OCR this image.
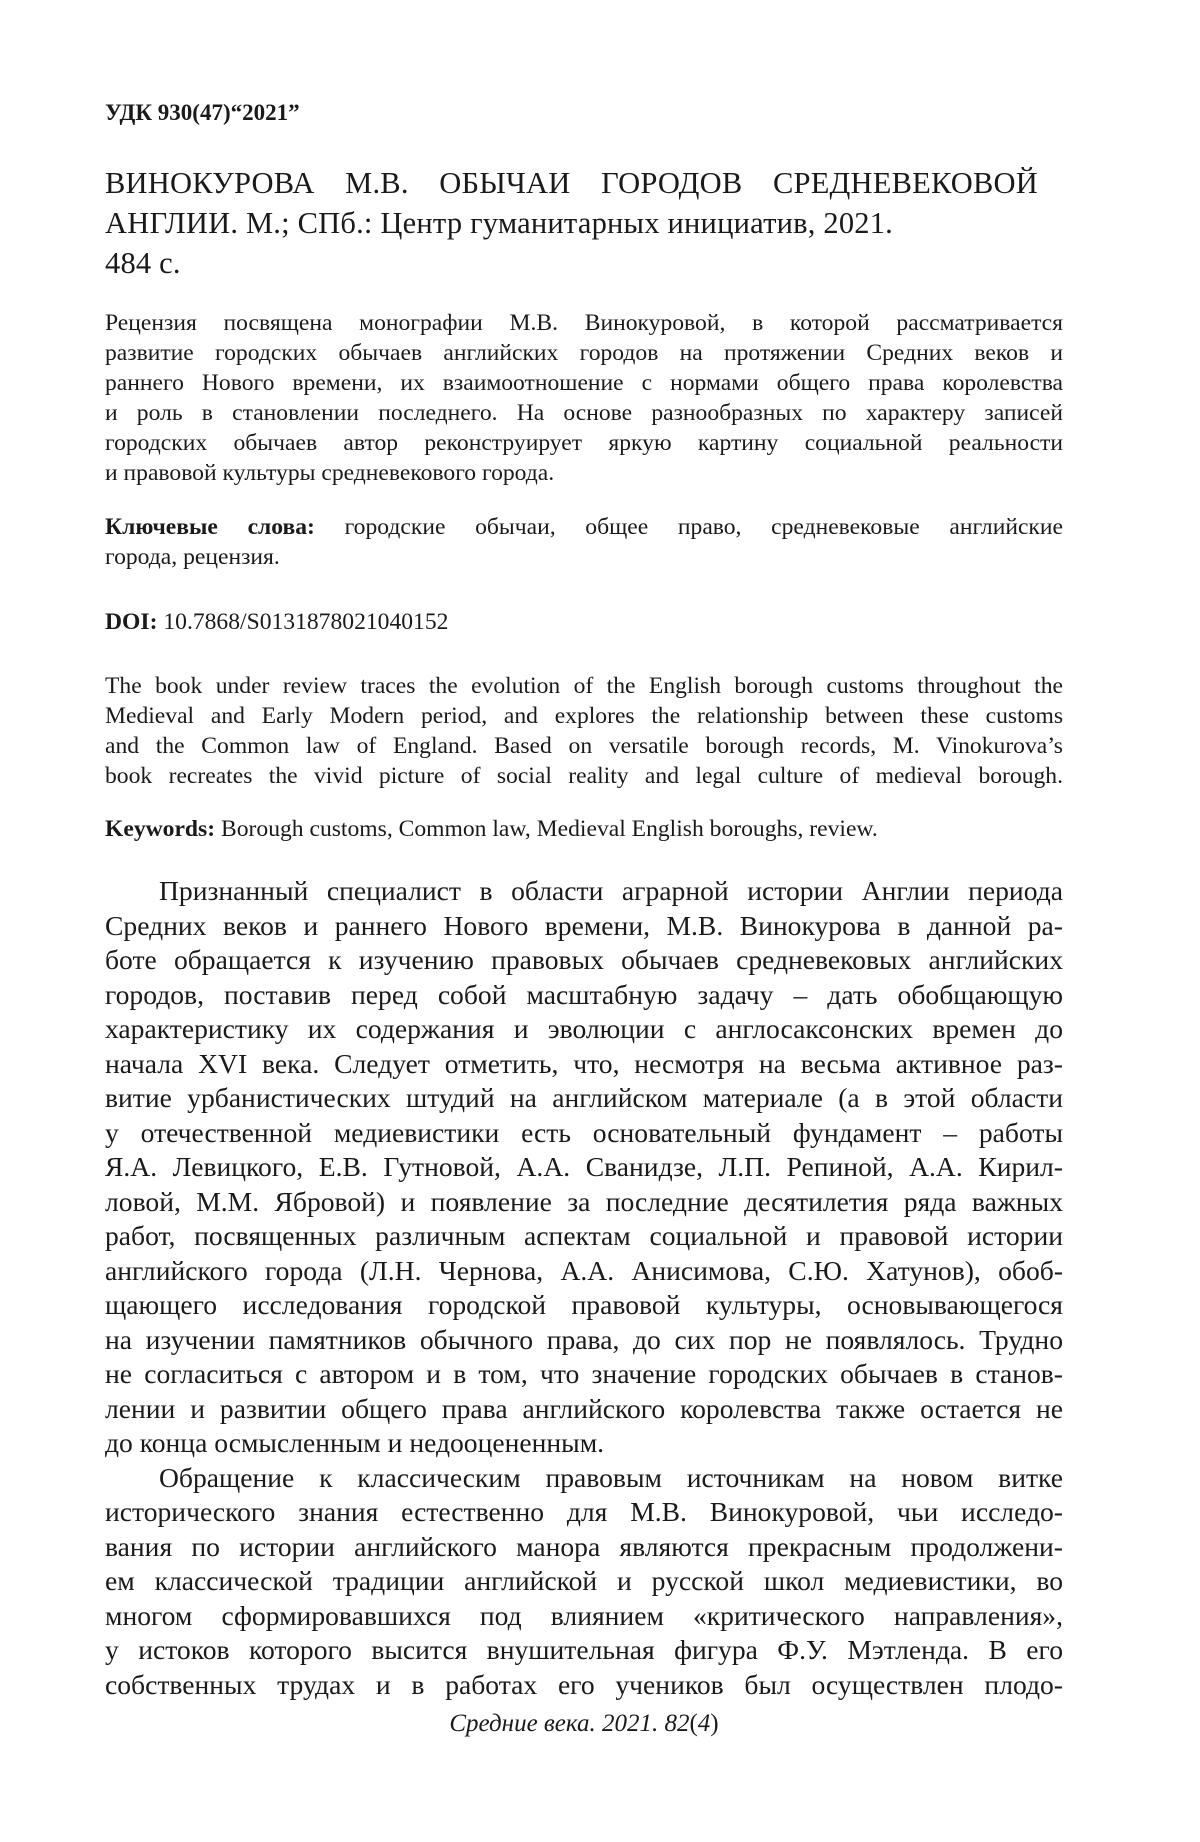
УДК 930(47)“2021”
ВИНОКУРОВА М.В. ОБЫЧАИ ГОРОДОВ СРЕДНЕВЕКОВОЙ
АНГЛИИ. М.; СПб.: Центр гуманитарных инициатив, 2021.
484 с.
Рецензия посвящена монографии М.В. Винокуровой, в которой рассматривается
развитие городских обычаев английских городов на протяжении Средних веков и
раннего Нового времени, их взаимоотношение с нормами общего права королевства
и роль в становлении последнего. На основе разнообразных по характеру записей
городских обычаев автор реконструирует яркую картину социальной реальности
и правовой культуры средневекового города.
Ключевые слова: городские обычаи, общее право, средневековые английские
города, рецензия.
DOI: 10.7868/S0131878021040152
The book under review traces the evolution of the English borough customs throughout the
Medieval and Early Modern period, and explores the relationship between these customs
and the Common law of England. Based on versatile borough records, M. Vinokurova’s
book recreates the vivid picture of social reality and legal culture of medieval borough.
Keywords: Borough customs, Common law, Medieval English boroughs, review.
Признанный специалист в области аграрной истории Англии периода
Средних веков и раннего Нового времени, М.В. Винокурова в данной ра-
боте обращается к изучению правовых обычаев средневековых английских
городов, поставив перед собой масштабную задачу – дать обобщающую
характеристику их содержания и эволюции с англосаксонских времен до
начала XVI века. Следует отметить, что, несмотря на весьма активное раз-
витие урбанистических штудий на английском материале (а в этой области
у отечественной медиевистики есть основательный фундамент – работы
Я.А. Левицкого, Е.В. Гутновой, А.А. Сванидзе, Л.П. Репиной, А.А. Кирил-
ловой, М.М. Ябровой) и появление за последние десятилетия ряда важных
работ, посвященных различным аспектам социальной и правовой истории
английского города (Л.Н. Чернова, А.А. Анисимова, С.Ю. Хатунов), обоб-
щающего исследования городской правовой культуры, основывающегося
на изучении памятников обычного права, до сих пор не появлялось. Трудно
не согласиться с автором и в том, что значение городских обычаев в станов-
лении и развитии общего права английского королевства также остается не
до конца осмысленным и недооцененным.
Обращение к классическим правовым источникам на новом витке
исторического знания естественно для М.В. Винокуровой, чьи исследо-
вания по истории английского манора являются прекрасным продолжени-
ем классической традиции английской и русской школ медиевистики, во
многом сформировавшихся под влиянием «критического направления»,
у истоков которого высится внушительная фигура Ф.У. Мэтленда. В его
собственных трудах и в работах его учеников был осуществлен плодо-
Средние века. 2021. 82(4)
